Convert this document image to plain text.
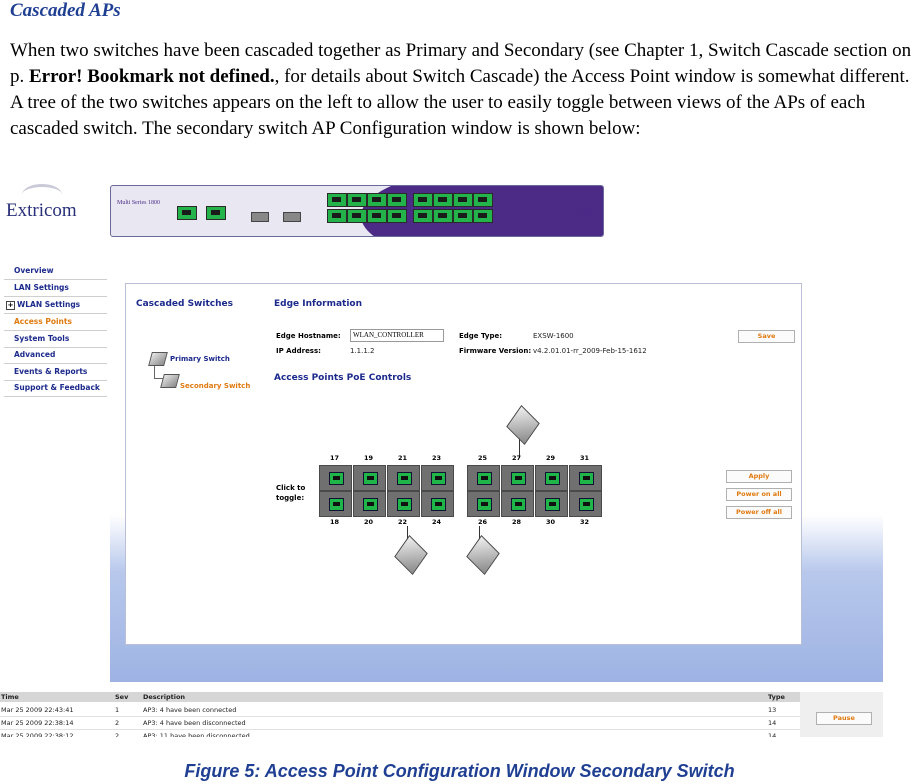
Cascaded APs
When two switches have been cascaded together as Primary and Secondary (see Chapter 1, Switch Cascade section on p. Error! Bookmark not defined., for details about Switch Cascade) the Access Point window is somewhat different. A tree of the two switches appears on the left to allow the user to easily toggle between views of the APs of each cascaded switch. The secondary switch AP Configuration window is shown below:
Extricom	Multi Series 1800
Extricom
Overview
LAN Settings
+ WLAN Settings
Access Points
System Tools
Advanced
Events & Reports
Support & Feedback
Cascaded Switches
Primary Switch
Secondary Switch
Edge Information
Edge Hostname:	WLAN_CONTROLLER
IP Address:	1.1.1.2
Edge Type:	EXSW-1600
Firmware Version: v4.2.01.01-rr_2009-Feb-15-1612
Save
Access Points PoE Controls
Click to
toggle:
17	19	21	23	25	27	29	31
18	20	22	24	26	28	30	32
Apply
Power on all
Power off all
Time	Sev Description	Type
Mar 25 2009 22:43:41	1	AP3: 4 have been connected	13
Mar 25 2009 22:38:14	2	AP3: 4 have been disconnected	14
Mar 25 2009 22:38:12	2	AP3: 11 have been disconnected	14
Pause
Figure 5: Access Point Configuration Window Secondary Switch
